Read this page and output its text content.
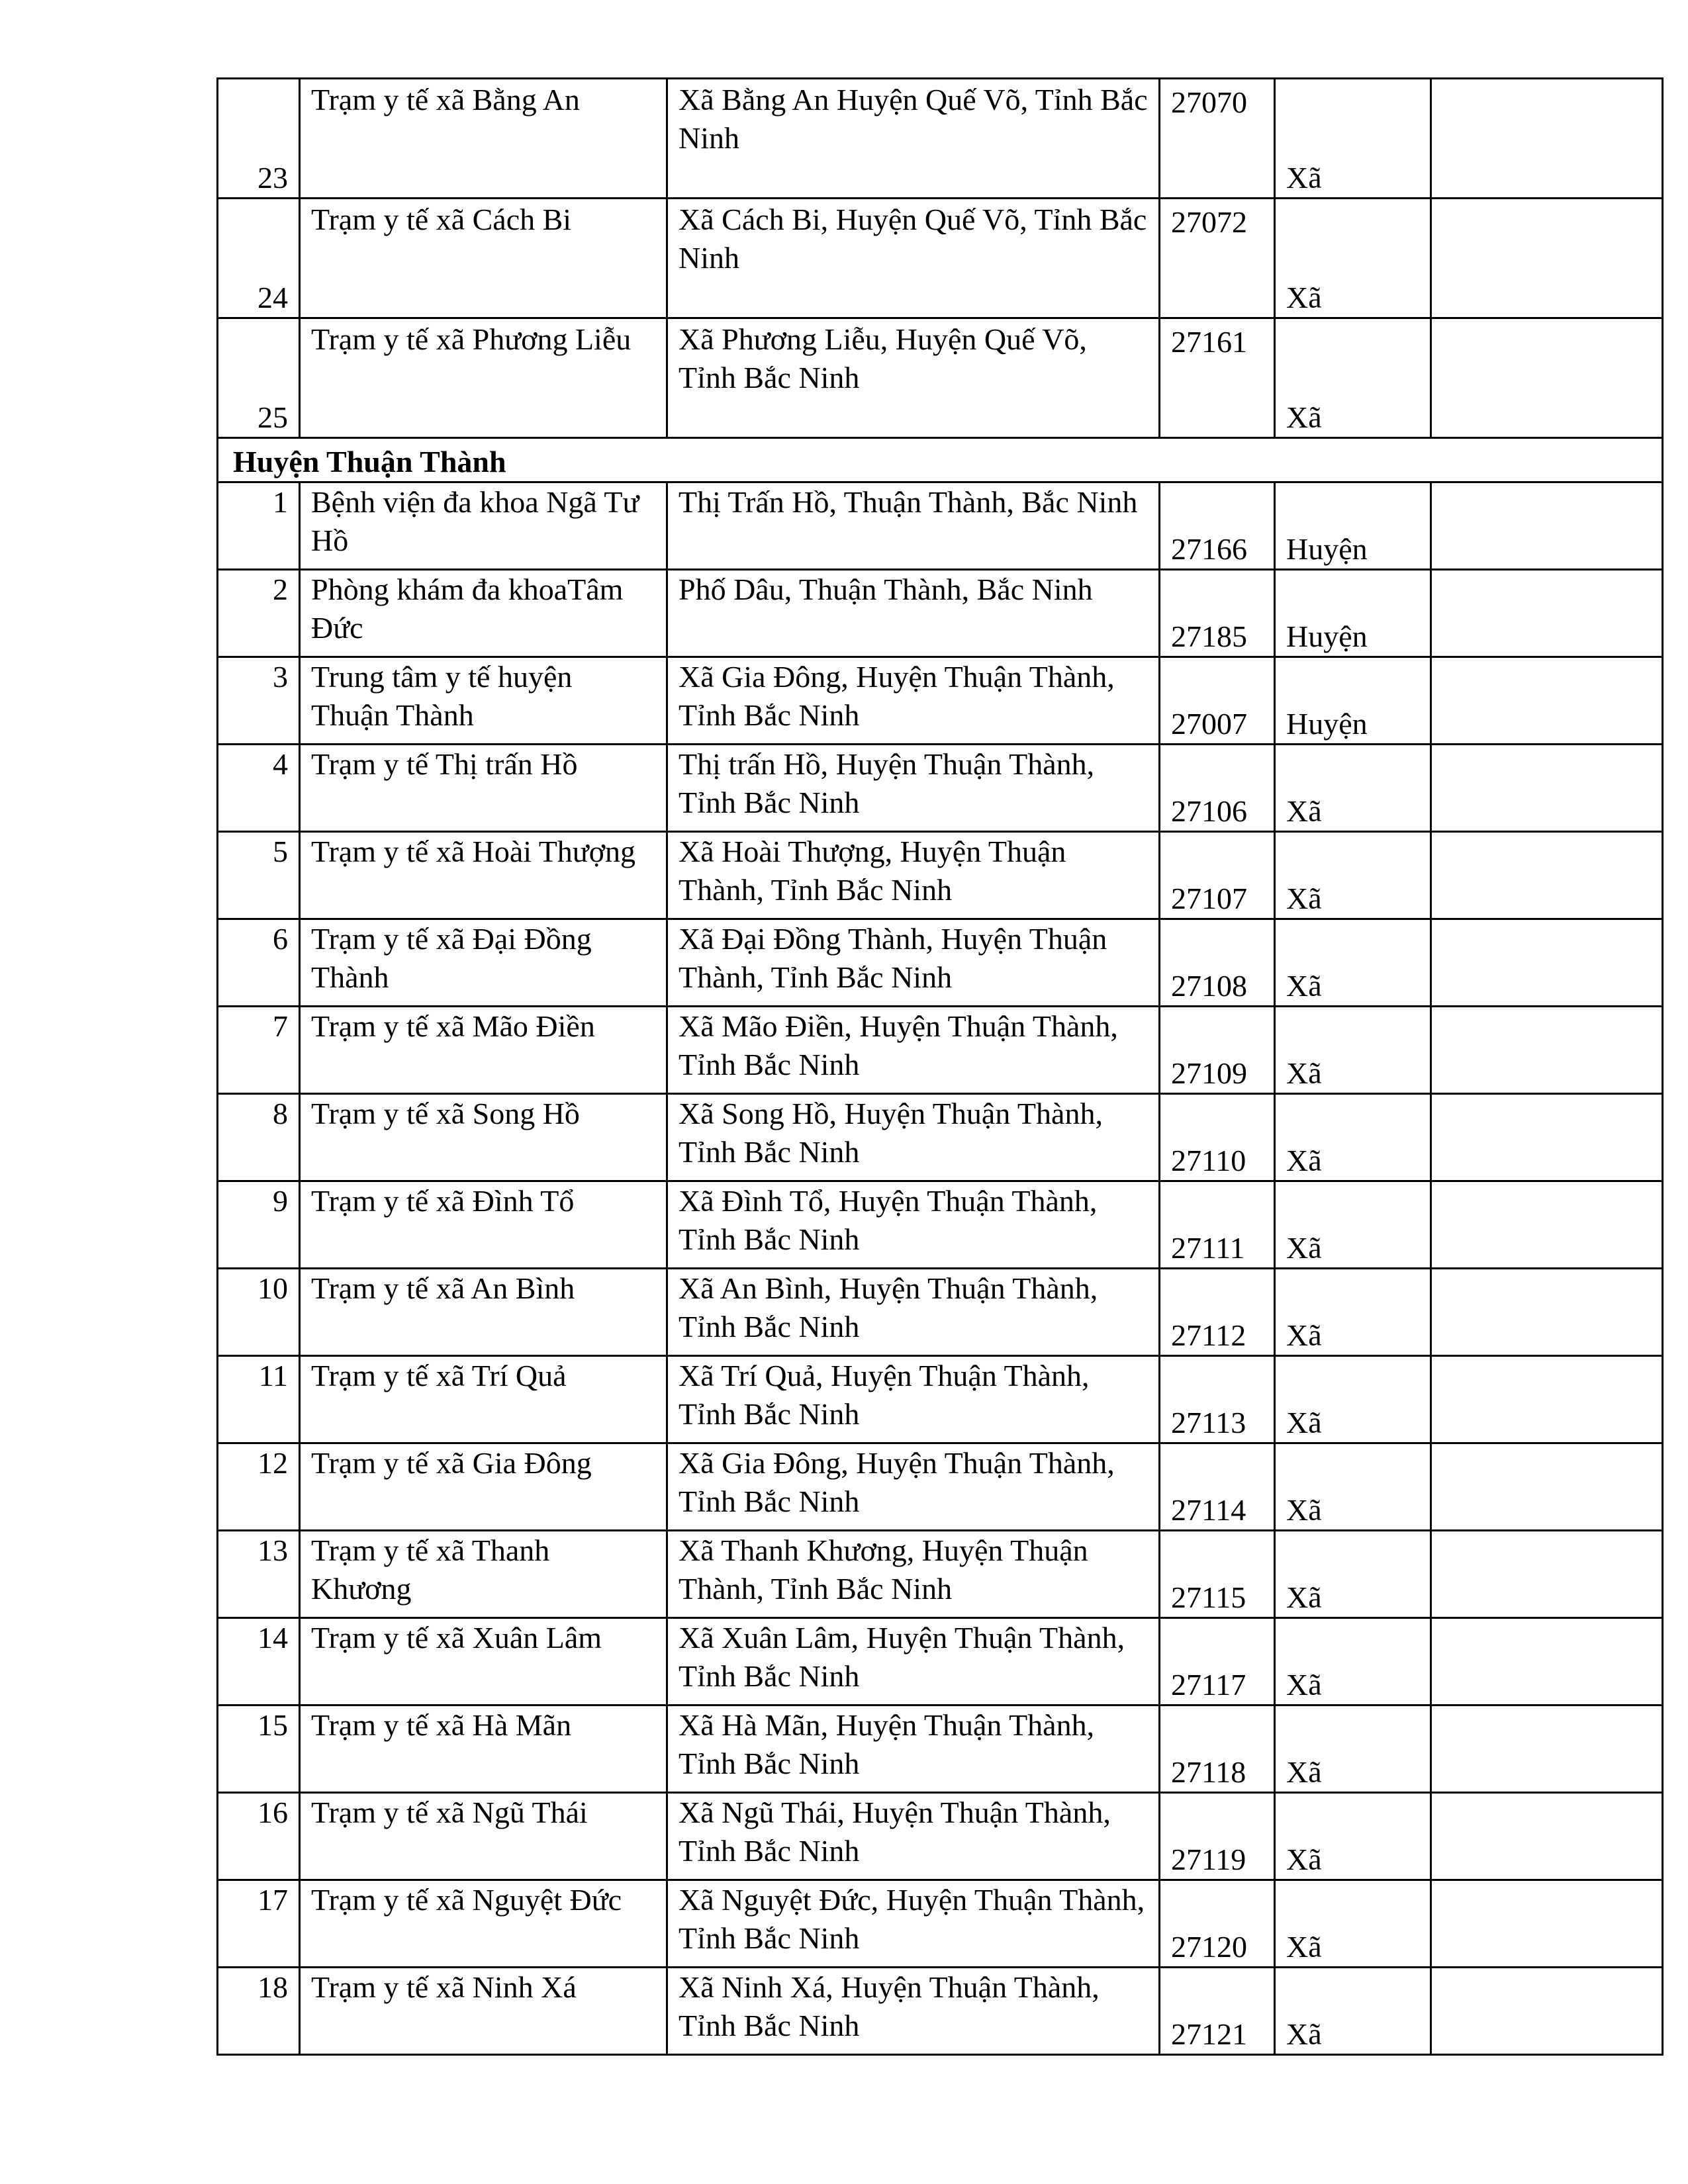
23	Trạm y tế xã Bằng An	Xã Bằng An Huyện Quế Võ, Tỉnh Bắc Ninh	27070	Xã	
24	Trạm y tế xã Cách Bi	Xã Cách Bi, Huyện Quế Võ, Tỉnh Bắc Ninh	27072	Xã	
25	Trạm y tế xã Phương Liễu	Xã Phương Liễu, Huyện Quế Võ, Tỉnh Bắc Ninh	27161	Xã	
Huyện Thuận Thành					
1	Bệnh viện đa khoa Ngã Tư Hồ	Thị Trấn Hồ, Thuận Thành, Bắc Ninh	27166	Huyện	
2	Phòng khám đa khoaTâm Đức	Phố Dâu, Thuận Thành, Bắc Ninh	27185	Huyện	
3	Trung tâm y tế huyện Thuận Thành	Xã Gia Đông, Huyện Thuận Thành, Tỉnh Bắc Ninh	27007	Huyện	
4	Trạm y tế Thị trấn Hồ	Thị trấn Hồ, Huyện Thuận Thành, Tỉnh Bắc Ninh	27106	Xã	
5	Trạm y tế xã Hoài Thượng	Xã Hoài Thượng, Huyện Thuận Thành, Tỉnh Bắc Ninh	27107	Xã	
6	Trạm y tế xã Đại Đồng Thành	Xã Đại Đồng Thành, Huyện Thuận Thành, Tỉnh Bắc Ninh	27108	Xã	
7	Trạm y tế xã Mão Điền	Xã Mão Điền, Huyện Thuận Thành, Tỉnh Bắc Ninh	27109	Xã	
8	Trạm y tế xã Song Hồ	Xã Song Hồ, Huyện Thuận Thành, Tỉnh Bắc Ninh	27110	Xã	
9	Trạm y tế xã Đình Tổ	Xã Đình Tổ, Huyện Thuận Thành, Tỉnh Bắc Ninh	27111	Xã	
10	Trạm y tế xã An Bình	Xã An Bình, Huyện Thuận Thành, Tỉnh Bắc Ninh	27112	Xã	
11	Trạm y tế xã Trí Quả	Xã Trí Quả, Huyện Thuận Thành, Tỉnh Bắc Ninh	27113	Xã	
12	Trạm y tế xã Gia Đông	Xã Gia Đông, Huyện Thuận Thành, Tỉnh Bắc Ninh	27114	Xã	
13	Trạm y tế xã Thanh Khương	Xã Thanh Khương, Huyện Thuận Thành, Tỉnh Bắc Ninh	27115	Xã	
14	Trạm y tế xã Xuân Lâm	Xã Xuân Lâm, Huyện Thuận Thành, Tỉnh Bắc Ninh	27117	Xã	
15	Trạm y tế xã Hà Mãn	Xã Hà Mãn, Huyện Thuận Thành, Tỉnh Bắc Ninh	27118	Xã	
16	Trạm y tế xã Ngũ Thái	Xã Ngũ Thái, Huyện Thuận Thành, Tỉnh Bắc Ninh	27119	Xã	
17	Trạm y tế xã Nguyệt Đức	Xã Nguyệt Đức, Huyện Thuận Thành, Tỉnh Bắc Ninh	27120	Xã	
18	Trạm y tế xã Ninh Xá	Xã Ninh Xá, Huyện Thuận Thành, Tỉnh Bắc Ninh	27121	Xã	
